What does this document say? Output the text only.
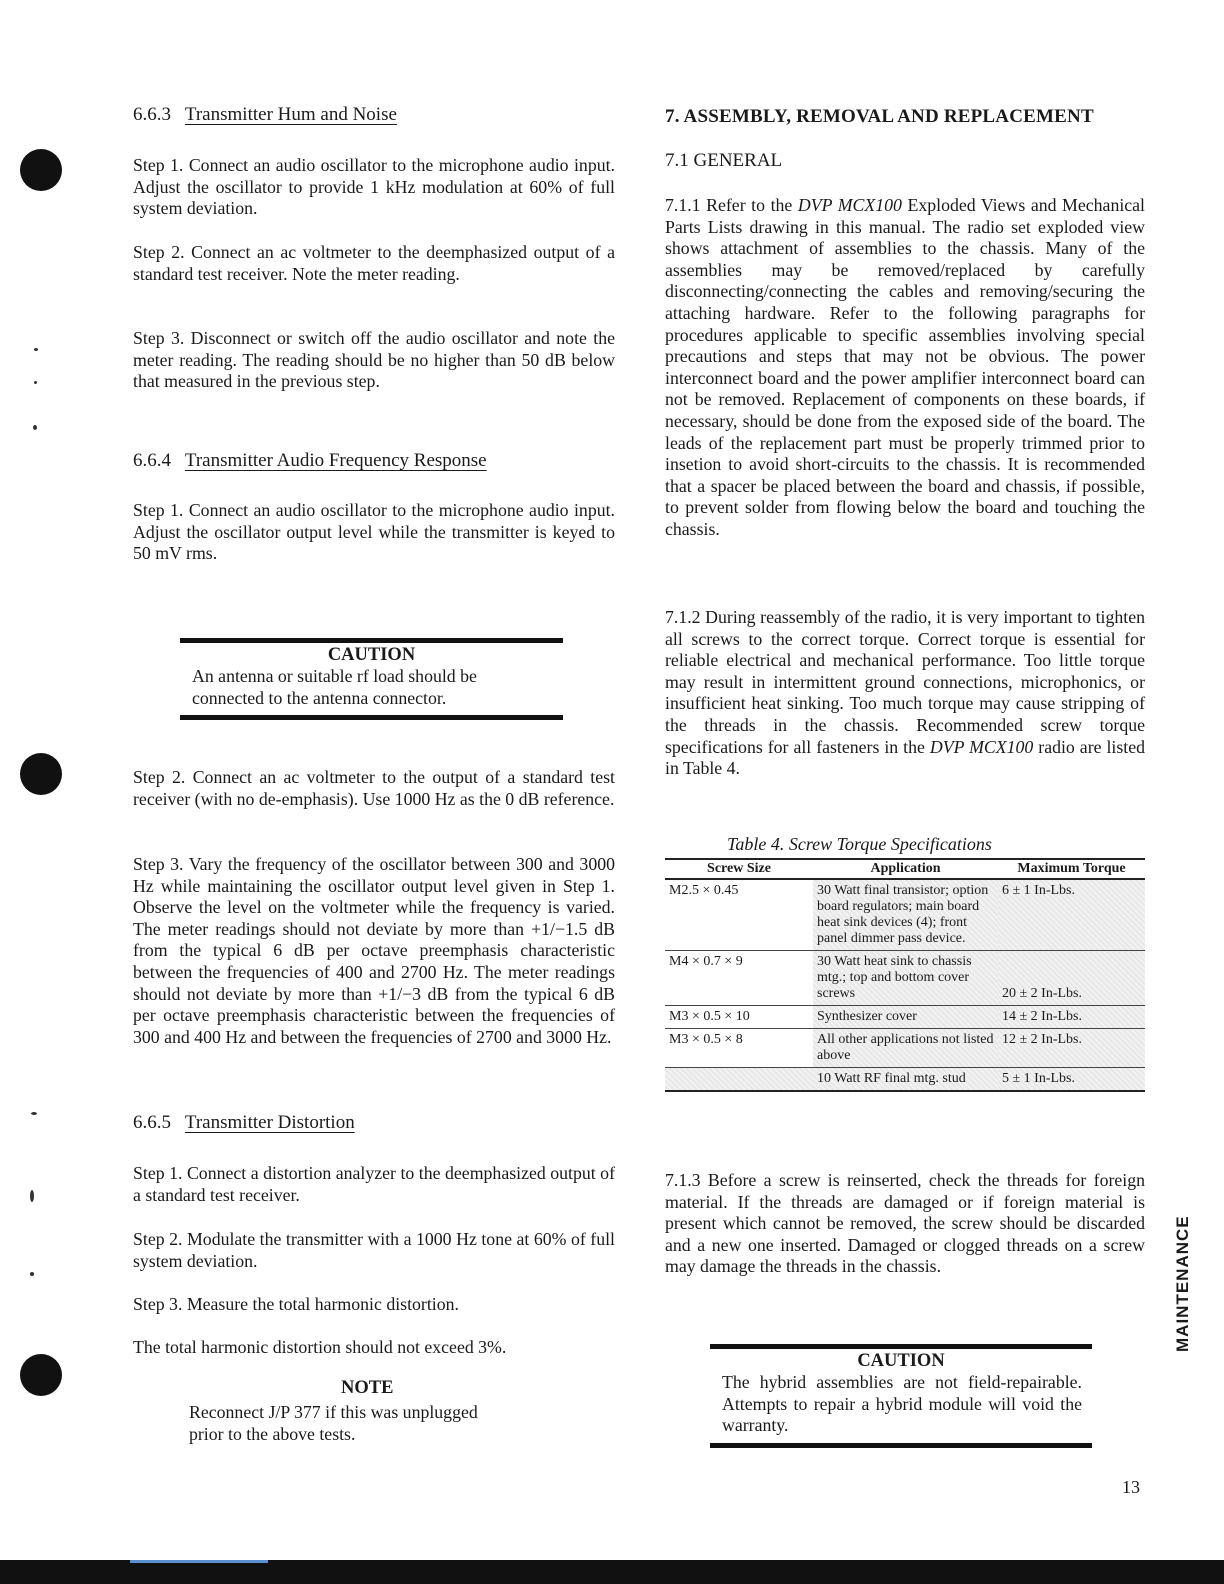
6.6.3 Transmitter Hum and Noise
Step 1. Connect an audio oscillator to the microphone audio input. Adjust the oscillator to provide 1 kHz modulation at 60% of full system deviation.
Step 2. Connect an ac voltmeter to the deemphasized output of a standard test receiver. Note the meter reading.
Step 3. Disconnect or switch off the audio oscillator and note the meter reading. The reading should be no higher than 50 dB below that measured in the previous step.
6.6.4 Transmitter Audio Frequency Response
Step 1. Connect an audio oscillator to the microphone audio input. Adjust the oscillator output level while the transmitter is keyed to 50 mV rms.
CAUTION
An antenna or suitable rf load should be connected to the antenna connector.
Step 2. Connect an ac voltmeter to the output of a standard test receiver (with no de-emphasis). Use 1000 Hz as the 0 dB reference.
Step 3. Vary the frequency of the oscillator between 300 and 3000 Hz while maintaining the oscillator output level given in Step 1. Observe the level on the voltmeter while the frequency is varied. The meter readings should not deviate by more than +1/−1.5 dB from the typical 6 dB per octave preemphasis characteristic between the frequencies of 400 and 2700 Hz. The meter readings should not deviate by more than +1/−3 dB from the typical 6 dB per octave preemphasis characteristic between the frequencies of 300 and 400 Hz and between the frequencies of 2700 and 3000 Hz.
6.6.5 Transmitter Distortion
Step 1. Connect a distortion analyzer to the deemphasized output of a standard test receiver.
Step 2. Modulate the transmitter with a 1000 Hz tone at 60% of full system deviation.
Step 3. Measure the total harmonic distortion.
The total harmonic distortion should not exceed 3%.
NOTE
Reconnect J/P 377 if this was unplugged
prior to the above tests.
7. ASSEMBLY, REMOVAL AND REPLACEMENT
7.1 GENERAL
7.1.1 Refer to the DVP MCX100 Exploded Views and Mechanical Parts Lists drawing in this manual. The radio set exploded view shows attachment of assemblies to the chassis. Many of the assemblies may be removed/replaced by carefully disconnecting/connecting the cables and removing/securing the attaching hardware. Refer to the following paragraphs for procedures applicable to specific assemblies involving special precautions and steps that may not be obvious. The power interconnect board and the power amplifier interconnect board can not be removed. Replacement of components on these boards, if necessary, should be done from the exposed side of the board. The leads of the replacement part must be properly trimmed prior to insetion to avoid short-circuits to the chassis. It is recommended that a spacer be placed between the board and chassis, if possible, to prevent solder from flowing below the board and touching the chassis.
7.1.2 During reassembly of the radio, it is very important to tighten all screws to the correct torque. Correct torque is essential for reliable electrical and mechanical performance. Too little torque may result in intermittent ground connections, microphonics, or insufficient heat sinking. Too much torque may cause stripping of the threads in the chassis. Recommended screw torque specifications for all fasteners in the DVP MCX100 radio are listed in Table 4.
Table 4. Screw Torque Specifications
Screw Size	Application	Maximum Torque
M2.5 × 0.45	30 Watt final transistor; option board regulators; main board heat sink devices (4); front panel dimmer pass device.	6 ± 1 In-Lbs.
M4 × 0.7 × 9	30 Watt heat sink to chassis mtg.; top and bottom cover screws	20 ± 2 In-Lbs.
M3 × 0.5 × 10	Synthesizer cover	14 ± 2 In-Lbs.
M3 × 0.5 × 8	All other applications not listed above	12 ± 2 In-Lbs.
	10 Watt RF final mtg. stud	5 ± 1 In-Lbs.
7.1.3 Before a screw is reinserted, check the threads for foreign material. If the threads are damaged or if foreign material is present which cannot be removed, the screw should be discarded and a new one inserted. Damaged or clogged threads on a screw may damage the threads in the chassis.
CAUTION
The hybrid assemblies are not field-repairable. Attempts to repair a hybrid module will void the warranty.
MAINTENANCE
13
